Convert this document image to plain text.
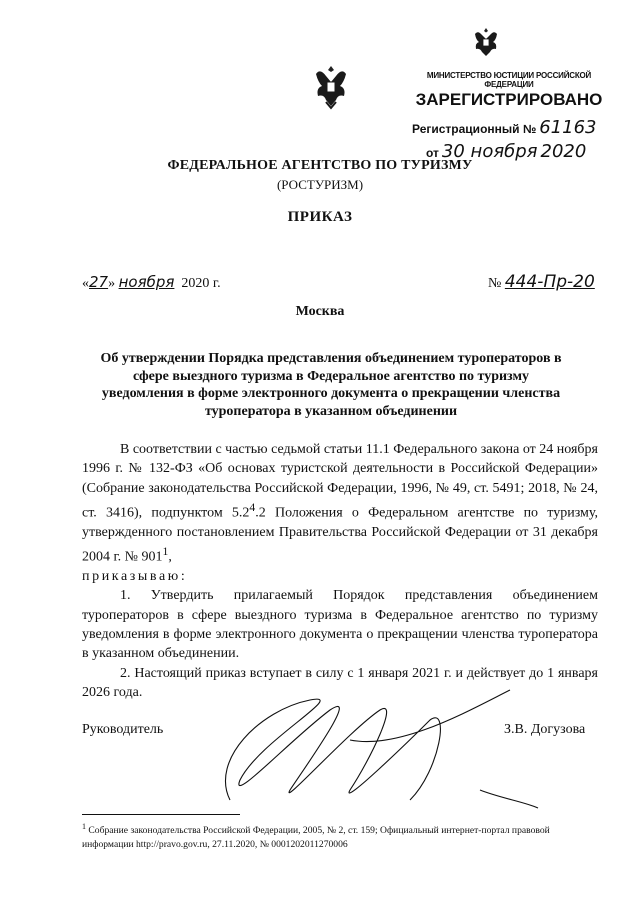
МИНИСТЕРСТВО ЮСТИЦИИ РОССИЙСКОЙ ФЕДЕРАЦИИ
ЗАРЕГИСТРИРОВАНО
Регистрационный № 61163
от 30 ноября 2020
ФЕДЕРАЛЬНОЕ АГЕНТСТВО ПО ТУРИЗМУ
(РОСТУРИЗМ)
ПРИКАЗ
«27» ноября 2020 г.	№ 444-Пр-20
Москва
Об утверждении Порядка представления объединением туроператоров в сфере выездного туризма в Федеральное агентство по туризму уведомления в форме электронного документа о прекращении членства туроператора в указанном объединении

В соответствии с частью седьмой статьи 11.1 Федерального закона от 24 ноября 1996 г. № 132-ФЗ «Об основах туристской деятельности в Российской Федерации» (Собрание законодательства Российской Федерации, 1996, № 49, ст. 5491; 2018, № 24, ст. 3416), подпунктом $5.2^4.2$ Положения о Федеральном агентстве по туризму, утвержденного постановлением Правительства Российской Федерации от 31 декабря 2004 г. № $901^1$,

приказываю:

1. Утвердить прилагаемый Порядок представления объединением туроператоров в сфере выездного туризма в Федеральное агентство по туризму уведомления в форме электронного документа о прекращении членства туроператора в указанном объединении.

2. Настоящий приказ вступает в силу с 1 января 2021 г. и действует до 1 января 2026 года.

Руководитель	З.В. Догузова
$^1$ Собрание законодательства Российской Федерации, 2005, № 2, ст. 159; Официальный интернет-портал правовой информации http://pravo.gov.ru, 27.11.2020, № 0001202011270006
